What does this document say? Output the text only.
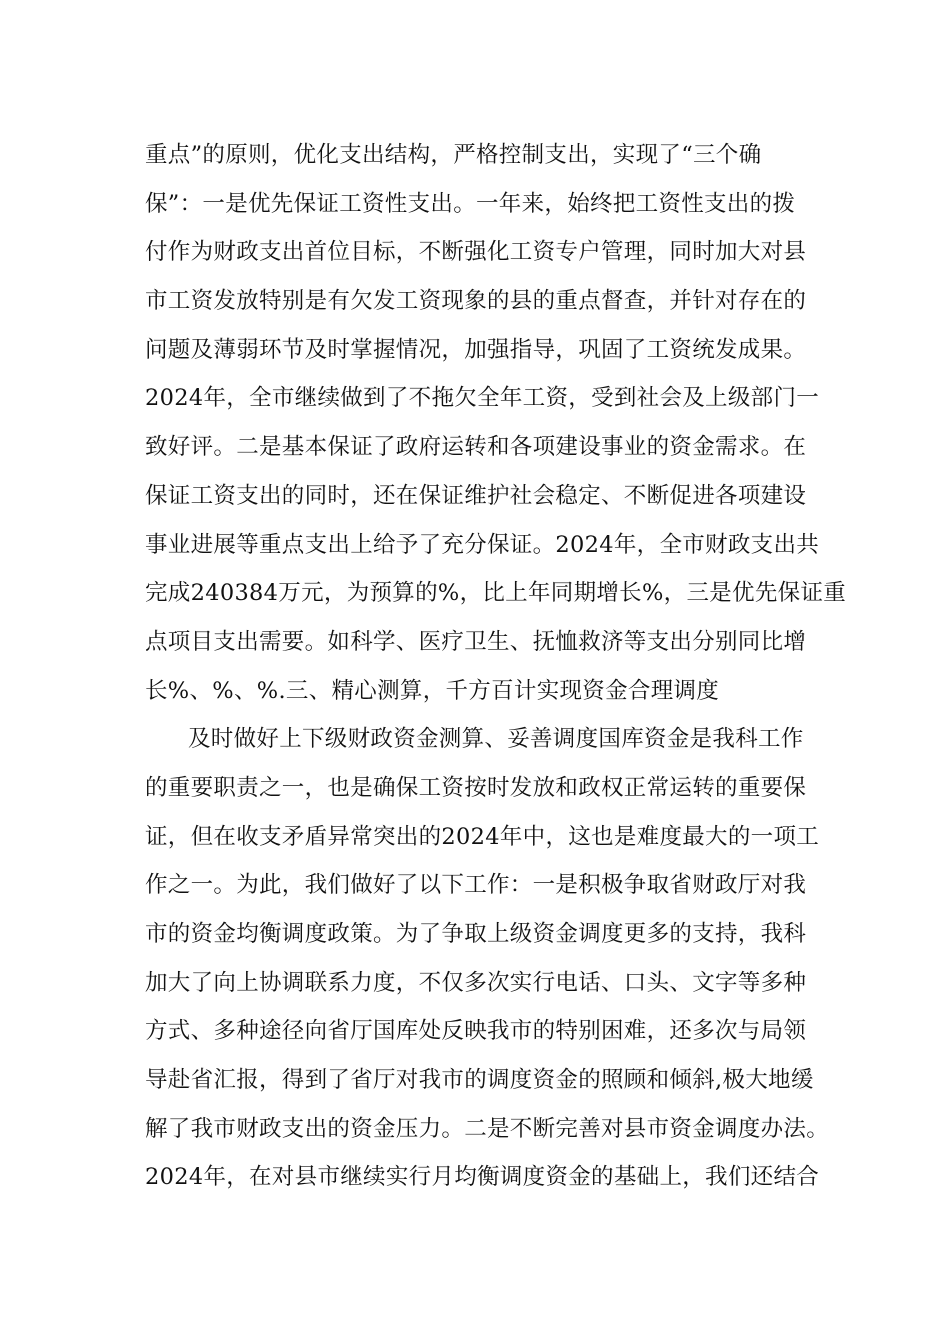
重点”的原则，优化支出结构，严格控制支出，实现了“三个确
保”：一是优先保证工资性支出。一年来，始终把工资性支出的拨
付作为财政支出首位目标，不断强化工资专户管理，同时加大对县
市工资发放特别是有欠发工资现象的县的重点督查，并针对存在的
问题及薄弱环节及时掌握情况，加强指导，巩固了工资统发成果。
2024年，全市继续做到了不拖欠全年工资，受到社会及上级部门一
致好评。二是基本保证了政府运转和各项建设事业的资金需求。在
保证工资支出的同时，还在保证维护社会稳定、不断促进各项建设
事业进展等重点支出上给予了充分保证。2024年，全市财政支出共
完成240384万元，为预算的%，比上年同期增长%，三是优先保证重
点项目支出需要。如科学、医疗卫生、抚恤救济等支出分别同比增
长%、%、%.三、精心测算，千方百计实现资金合理调度
及时做好上下级财政资金测算、妥善调度国库资金是我科工作
的重要职责之一，也是确保工资按时发放和政权正常运转的重要保
证，但在收支矛盾异常突出的2024年中，这也是难度最大的一项工
作之一。为此，我们做好了以下工作：一是积极争取省财政厅对我
市的资金均衡调度政策。为了争取上级资金调度更多的支持，我科
加大了向上协调联系力度，不仅多次实行电话、口头、文字等多种
方式、多种途径向省厅国库处反映我市的特别困难，还多次与局领
导赴省汇报，得到了省厅对我市的调度资金的照顾和倾斜,极大地缓
解了我市财政支出的资金压力。二是不断完善对县市资金调度办法。
2024年，在对县市继续实行月均衡调度资金的基础上，我们还结合
